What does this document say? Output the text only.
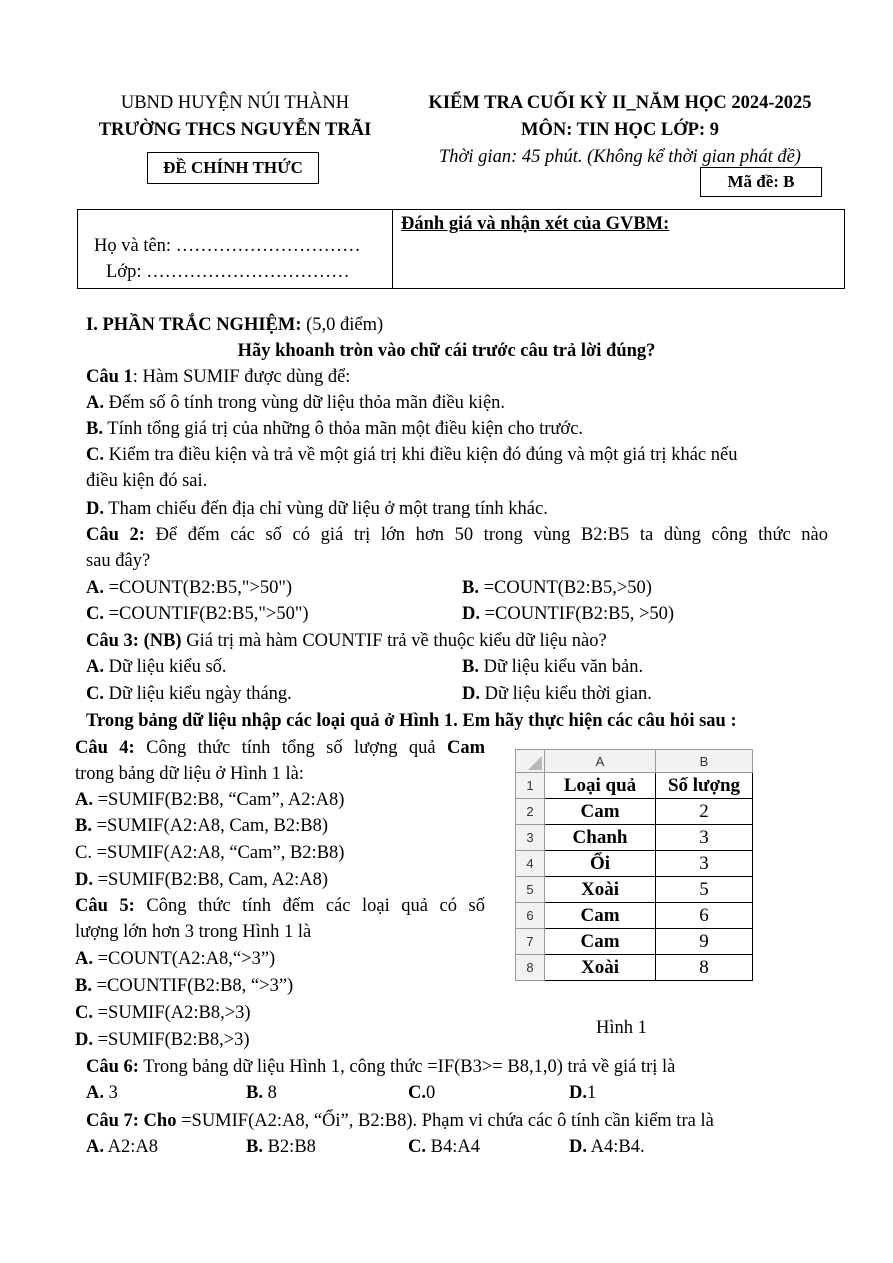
UBND HUYỆN NÚI THÀNH
TRƯỜNG THCS NGUYỄN TRÃI
ĐỀ CHÍNH THỨC
KIỂM TRA CUỐI KỲ II_NĂM HỌC 2024-2025
MÔN: TIN HỌC LỚP: 9
Thời gian: 45 phút. (Không kể thời gian phát đề)
Mã đề: B
Họ và tên: …………………………
Lớp: ……………………………
Đánh giá và nhận xét của GVBM:
I. PHẦN TRẮC NGHIỆM: (5,0 điểm)
Hãy khoanh tròn vào chữ cái trước câu trả lời đúng?
Câu 1: Hàm SUMIF được dùng để:
A. Đếm số ô tính trong vùng dữ liệu thỏa mãn điều kiện.
B. Tính tổng giá trị của những ô thỏa mãn một điều kiện cho trước.
C. Kiểm tra điều kiện và trả về một giá trị khi điều kiện đó đúng và một giá trị khác nếu
điều kiện đó sai.
D. Tham chiếu đến địa chỉ vùng dữ liệu ở một trang tính khác.
Câu 2: Để đếm các số có giá trị lớn hơn 50 trong vùng B2:B5 ta dùng công thức nào
sau đây?
A. =COUNT(B2:B5,">50")	B. =COUNT(B2:B5,>50)
C. =COUNTIF(B2:B5,">50")	D. =COUNTIF(B2:B5, >50)
Câu 3: (NB) Giá trị mà hàm COUNTIF trả về thuộc kiểu dữ liệu nào?
A. Dữ liệu kiểu số.	B. Dữ liệu kiểu văn bản.
C. Dữ liệu kiểu ngày tháng.	D. Dữ liệu kiểu thời gian.
Trong bảng dữ liệu nhập các loại quả ở Hình 1. Em hãy thực hiện các câu hỏi sau :
Câu 4: Công thức tính tổng số lượng quả Cam
trong bảng dữ liệu ở Hình 1 là:
A. =SUMIF(B2:B8, “Cam”, A2:A8)
B. =SUMIF(A2:A8, Cam, B2:B8)
C. =SUMIF(A2:A8, “Cam”, B2:B8)
D. =SUMIF(B2:B8, Cam, A2:A8)
Câu 5: Công thức tính đếm các loại quả có số
lượng lớn hơn 3 trong Hình 1 là
A. =COUNT(A2:A8,“>3”)
B. =COUNTIF(B2:B8, “>3”)
C. =SUMIF(A2:B8,>3)
D. =SUMIF(B2:B8,>3)
	A	B
1	Loại quả	Số lượng
2	Cam	2
3	Chanh	3
4	Ổi	3
5	Xoài	5
6	Cam	6
7	Cam	9
8	Xoài	8
Hình 1
Câu 6: Trong bảng dữ liệu Hình 1, công thức =IF(B3>= B8,1,0) trả về giá trị là
A. 3	B. 8	C.0	D.1
Câu 7: Cho =SUMIF(A2:A8, “Ổi”, B2:B8). Phạm vi chứa các ô tính cần kiểm tra là
A. A2:A8	B. B2:B8	C. B4:A4	D. A4:B4.
